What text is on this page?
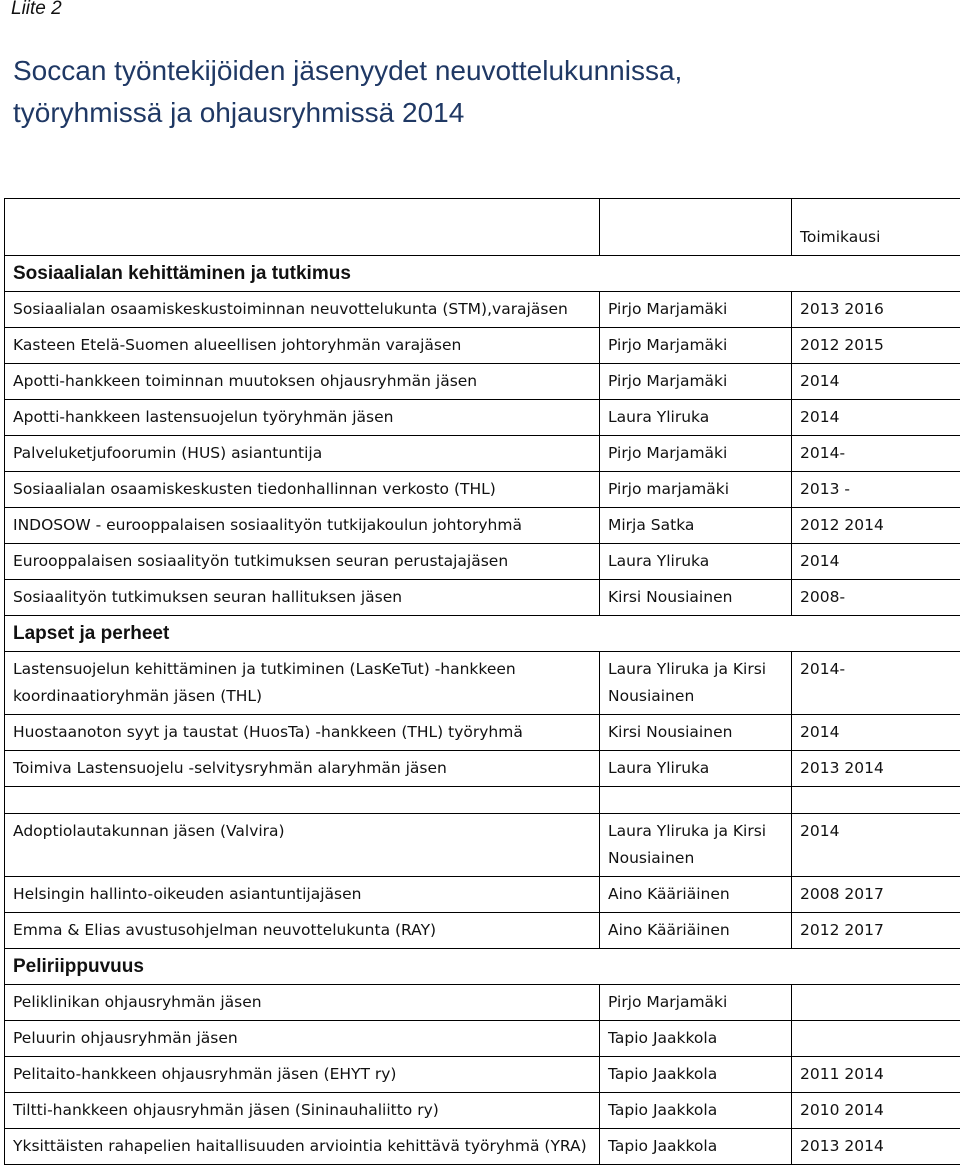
Liite 2
Soccan työntekijöiden jäsenyydet neuvottelukunnissa,
työryhmissä ja ohjausryhmissä 2014
		Toimikausi
Sosiaalialan kehittäminen ja tutkimus		
Sosiaalialan osaamiskeskustoiminnan neuvottelukunta (STM),varajäsen	Pirjo Marjamäki	2013 2016
Kasteen Etelä-Suomen alueellisen johtoryhmän varajäsen	Pirjo Marjamäki	2012 2015
Apotti-hankkeen toiminnan muutoksen ohjausryhmän jäsen	Pirjo Marjamäki	2014
Apotti-hankkeen lastensuojelun työryhmän jäsen	Laura Yliruka	2014
Palveluketjufoorumin (HUS) asiantuntija	Pirjo Marjamäki	2014-
Sosiaalialan osaamiskeskusten tiedonhallinnan verkosto (THL)	Pirjo marjamäki	2013 -
INDOSOW - eurooppalaisen sosiaalityön tutkijakoulun johtoryhmä	Mirja Satka	2012 2014
Eurooppalaisen sosiaalityön tutkimuksen seuran perustajajäsen	Laura Yliruka	2014
Sosiaalityön tutkimuksen seuran hallituksen jäsen	Kirsi Nousiainen	2008-
Lapset ja perheet		
Lastensuojelun kehittäminen ja tutkiminen (LasKeTut) -hankkeen koordinaatioryhmän jäsen (THL)	Laura Yliruka ja Kirsi Nousiainen	2014-
Huostaanoton syyt ja taustat (HuosTa) -hankkeen (THL) työryhmä	Kirsi Nousiainen	2014
Toimiva Lastensuojelu -selvitysryhmän alaryhmän jäsen	Laura Yliruka	2013 2014

Adoptiolautakunnan jäsen (Valvira)	Laura Yliruka ja Kirsi Nousiainen	2014
Helsingin hallinto-oikeuden asiantuntijajäsen	Aino Kääriäinen	2008 2017
Emma & Elias avustusohjelman neuvottelukunta (RAY)	Aino Kääriäinen	2012 2017
Peliriippuvuus		
Peliklinikan ohjausryhmän jäsen	Pirjo Marjamäki	
Peluurin ohjausryhmän jäsen	Tapio Jaakkola	
Pelitaito-hankkeen ohjausryhmän jäsen (EHYT ry)	Tapio Jaakkola	2011 2014
Tiltti-hankkeen ohjausryhmän jäsen (Sininauhaliitto ry)	Tapio Jaakkola	2010 2014
Yksittäisten rahapelien haitallisuuden arviointia kehittävä työryhmä (YRA)	Tapio Jaakkola	2013 2014
